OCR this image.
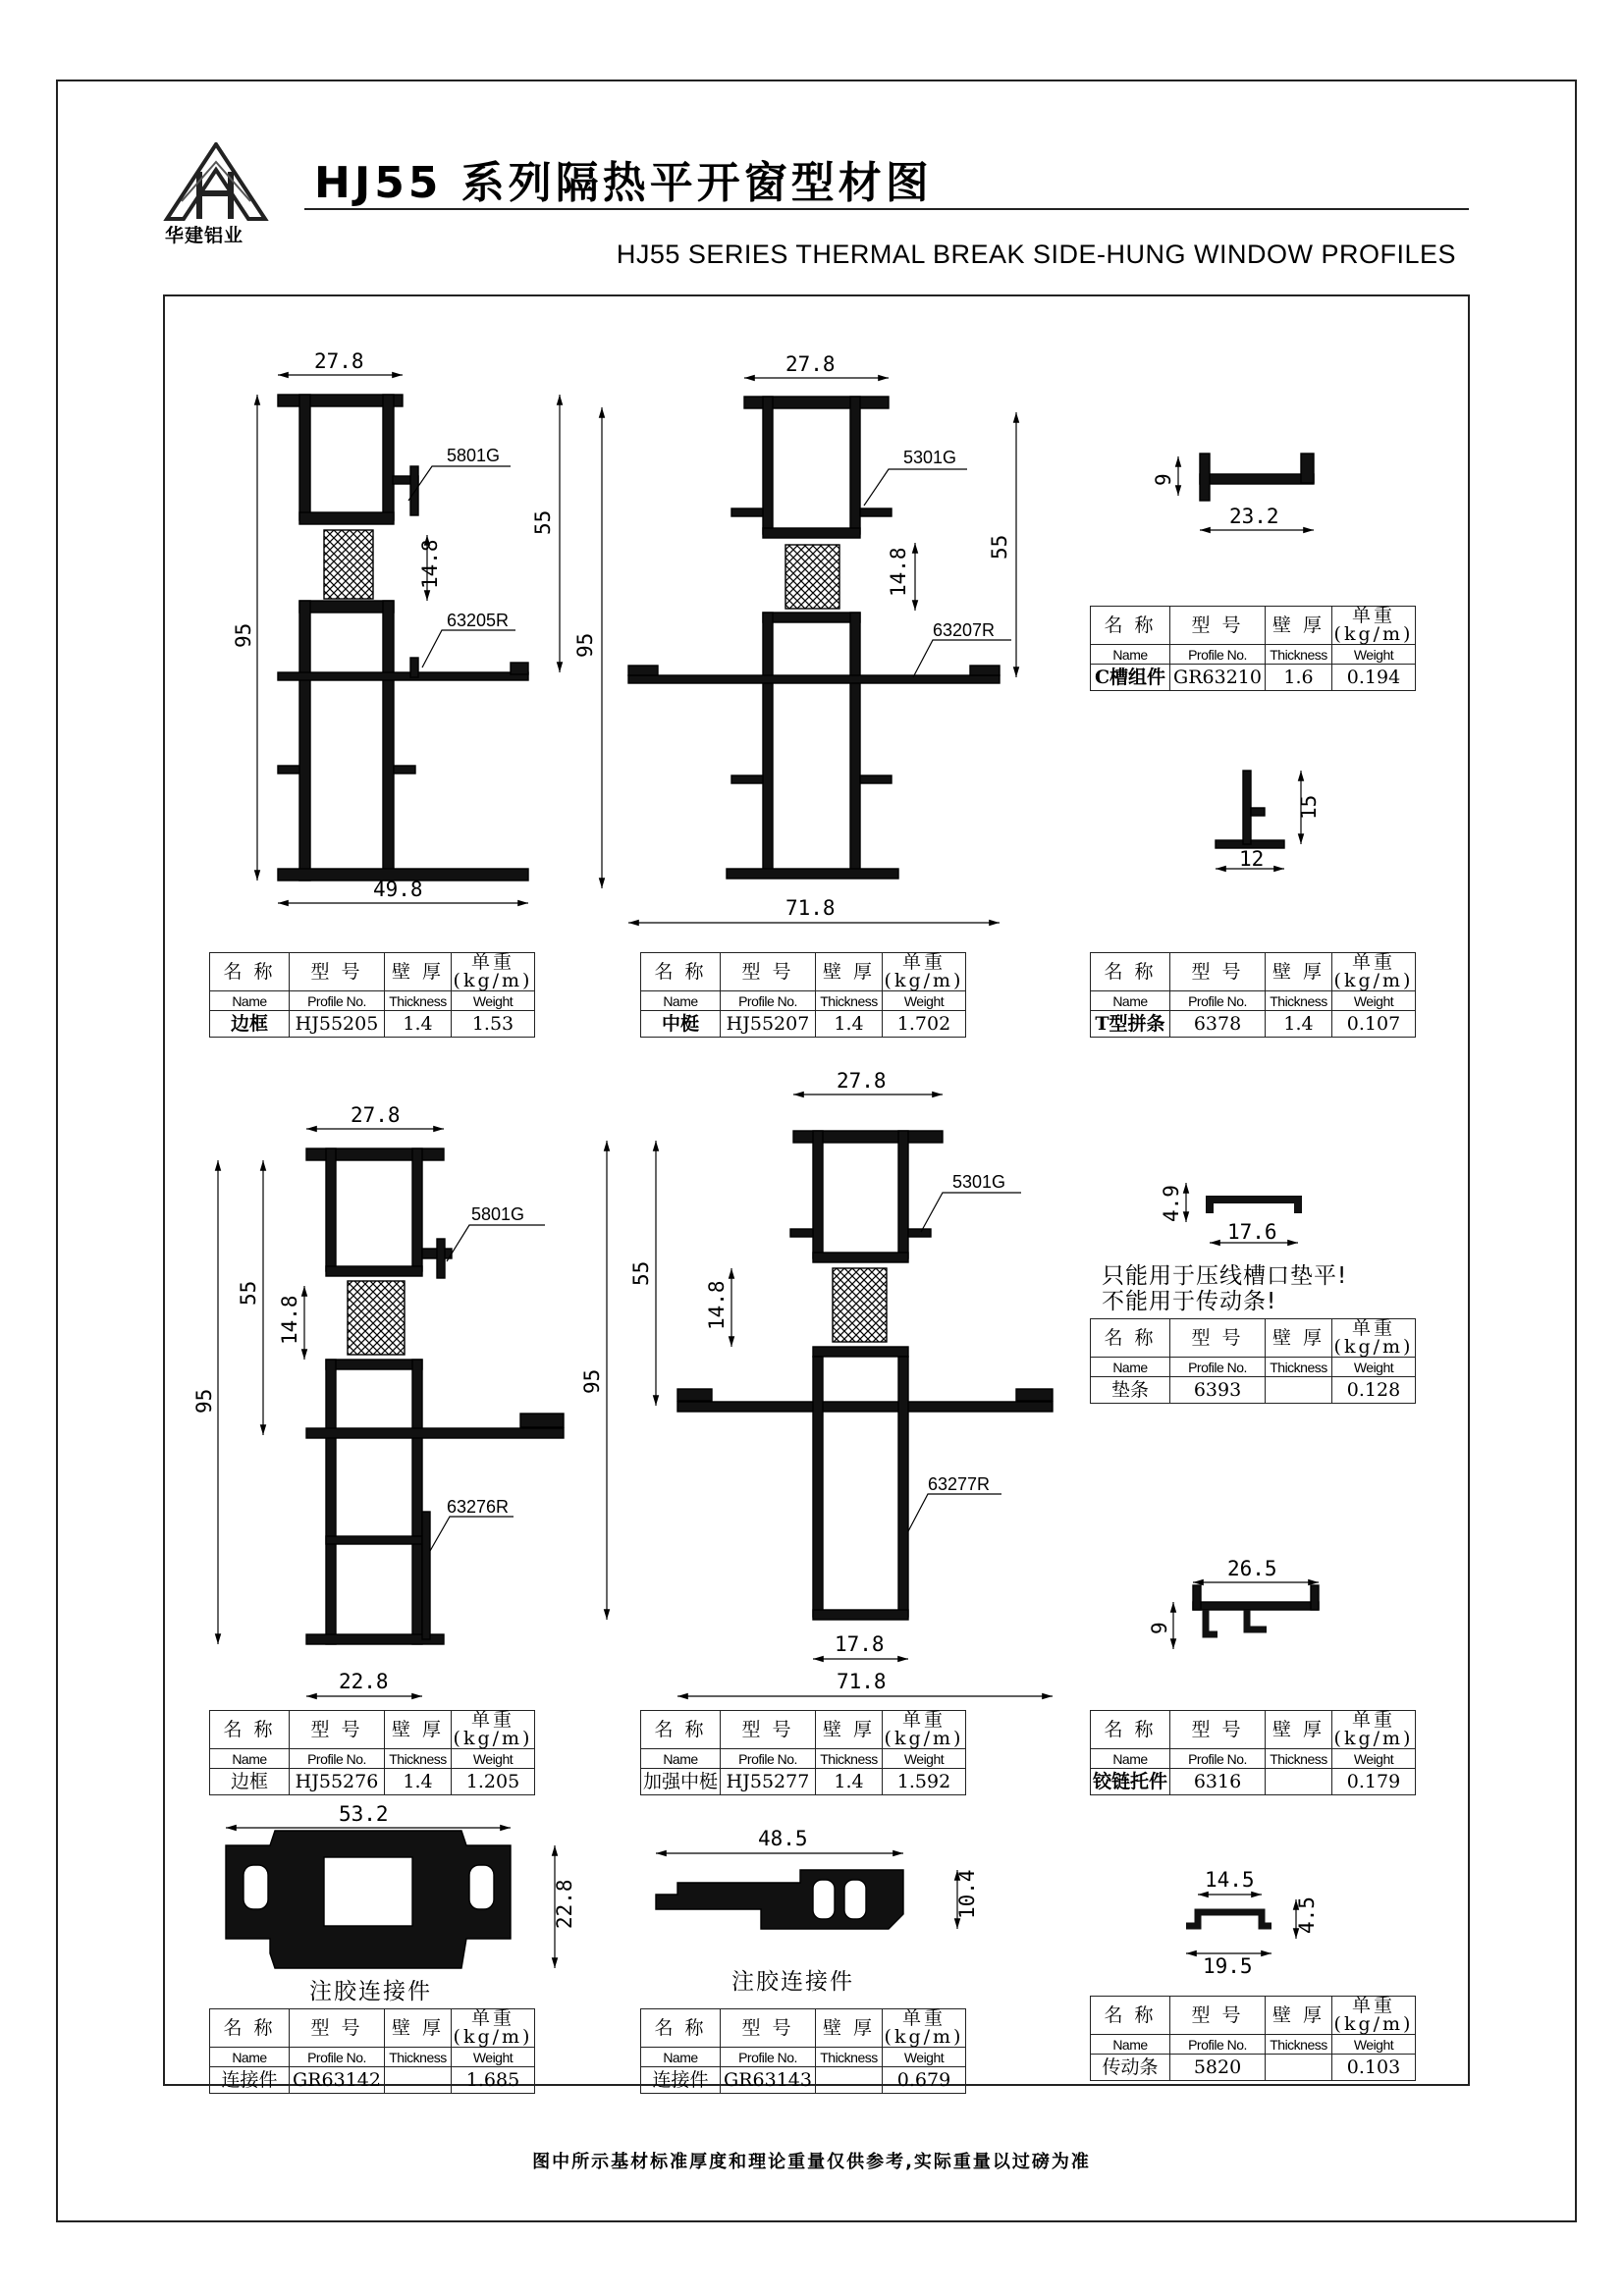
华建铝业
HJ55 系列隔热平开窗型材图
HJ55 SERIES THERMAL BREAK SIDE-HUNG WINDOW PROFILES
27.8
95
55
14.8
49.8
27.8
95
55
14.8
71.8
9
23.2
15
12
27.8
95
55
14.8
22.8
27.8
95
55
14.8
17.8
71.8
4.9
17.6
26.5
9
53.2
22.8
48.5
10.4	14.5
4.5
19.5
5801G
63205R
5301G
63207R
5801G
63276R
5301G
63277R
只能用于压线槽口垫平!
不能用于传动条!
注胶连接件	注胶连接件
名 称	型 号	壁 厚	单重(kg/m)
Name	Profile No.	Thickness	Weight
边框	HJ55205	1.4	1.53
名 称	型 号	壁 厚	单重(kg/m)
Name	Profile No.	Thickness	Weight
中梃	HJ55207	1.4	1.702
名 称	型 号	壁 厚	单重(kg/m)
Name	Profile No.	Thickness	Weight
C槽组件	GR63210	1.6	0.194
名 称	型 号	壁 厚	单重(kg/m)
Name	Profile No.	Thickness	Weight
T型拼条	6378	1.4	0.107
名 称	型 号	壁 厚	单重(kg/m)
Name	Profile No.	Thickness	Weight
边框	HJ55276	1.4	1.205
名 称	型 号	壁 厚	单重(kg/m)
Name	Profile No.	Thickness	Weight
加强中梃	HJ55277	1.4	1.592
名 称	型 号	壁 厚	单重(kg/m)
Name	Profile No.	Thickness	Weight
垫条	6393		0.128
名 称	型 号	壁 厚	单重(kg/m)
Name	Profile No.	Thickness	Weight
铰链托件	6316		0.179
名 称	型 号	壁 厚	单重(kg/m)
Name	Profile No.	Thickness	Weight
连接件	GR63142		1.685
名 称	型 号	壁 厚	单重(kg/m)
Name	Profile No.	Thickness	Weight
连接件	GR63143		0.679
名 称	型 号	壁 厚	单重(kg/m)
Name	Profile No.	Thickness	Weight
传动条	5820		0.103
图中所示基材标准厚度和理论重量仅供参考,实际重量以过磅为准
